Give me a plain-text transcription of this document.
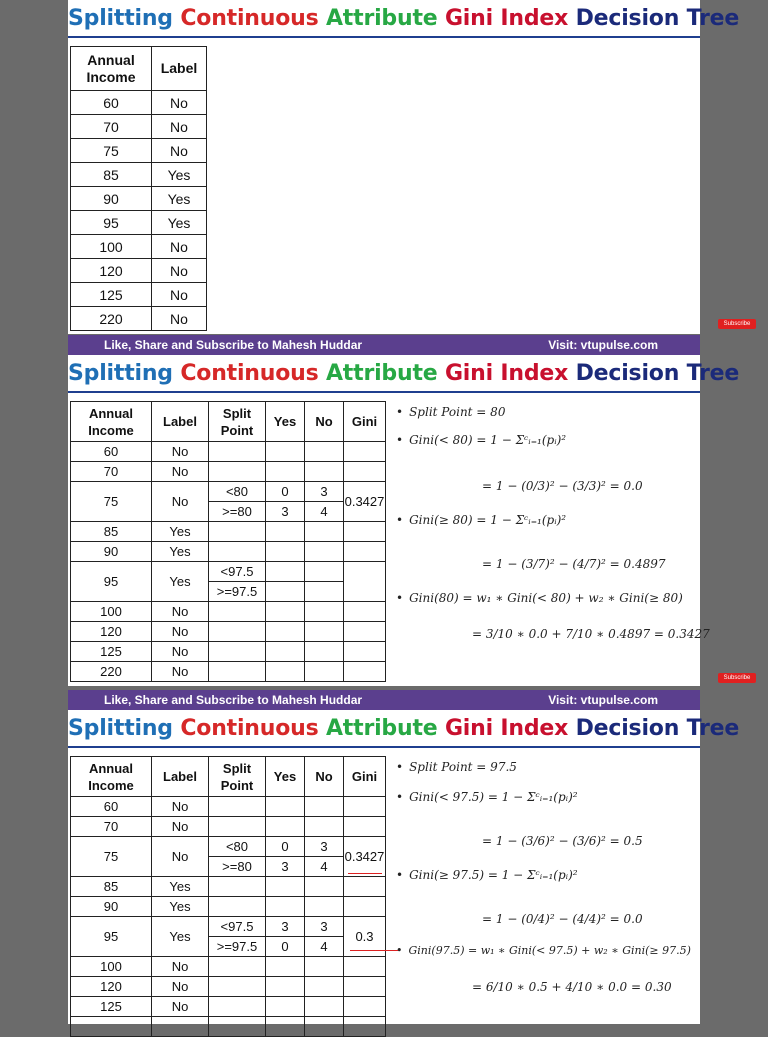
Splitting Continuous Attribute Gini Index Decision Tree
Annual Income	Label
60	No
70	No
75	No
85	Yes
90	Yes
95	Yes
100	No
120	No
125	No
220	No	Subscribe
Like, Share and Subscribe to Mahesh Huddar	Visit: vtupulse.com
Splitting Continuous Attribute Gini Index Decision Tree
Annual Income	Label	Split Point	Yes	No	Gini
60	No				
70	No				
75	No	<80	0	3	0.3427
		>=80	3	4	
85	Yes				
90	Yes				
95	Yes	<97.5			
		>=97.5			
100	No				
120	No				
125	No				
220	No				
• Split Point = 80
• Gini(< 80) = 1 − Σᶜᵢ₌₁(pᵢ)²
= 1 − (0/3)² − (3/3)² = 0.0
• Gini(≥ 80) = 1 − Σᶜᵢ₌₁(pᵢ)²
= 1 − (3/7)² − (4/7)² = 0.4897
• Gini(80) = w₁ ∗ Gini(< 80) + w₂ ∗ Gini(≥ 80)
= 3/10 ∗ 0.0 + 7/10 ∗ 0.4897 = 0.3427
Subscribe
Like, Share and Subscribe to Mahesh Huddar	Visit: vtupulse.com
Splitting Continuous Attribute Gini Index Decision Tree
Annual Income	Label	Split Point	Yes	No	Gini
60	No				
70	No				
75	No	<80	0	3	0.3427
		>=80	3	4	
85	Yes				
90	Yes				
95	Yes	<97.5	3	3	0.3
		>=97.5	0	4	
100	No				
120	No				
125	No				

• Split Point = 97.5
• Gini(< 97.5) = 1 − Σᶜᵢ₌₁(pᵢ)²
= 1 − (3/6)² − (3/6)² = 0.5
• Gini(≥ 97.5) = 1 − Σᶜᵢ₌₁(pᵢ)²
= 1 − (0/4)² − (4/4)² = 0.0
• Gini(97.5) = w₁ ∗ Gini(< 97.5) + w₂ ∗ Gini(≥ 97.5)
= 6/10 ∗ 0.5 + 4/10 ∗ 0.0 = 0.30
